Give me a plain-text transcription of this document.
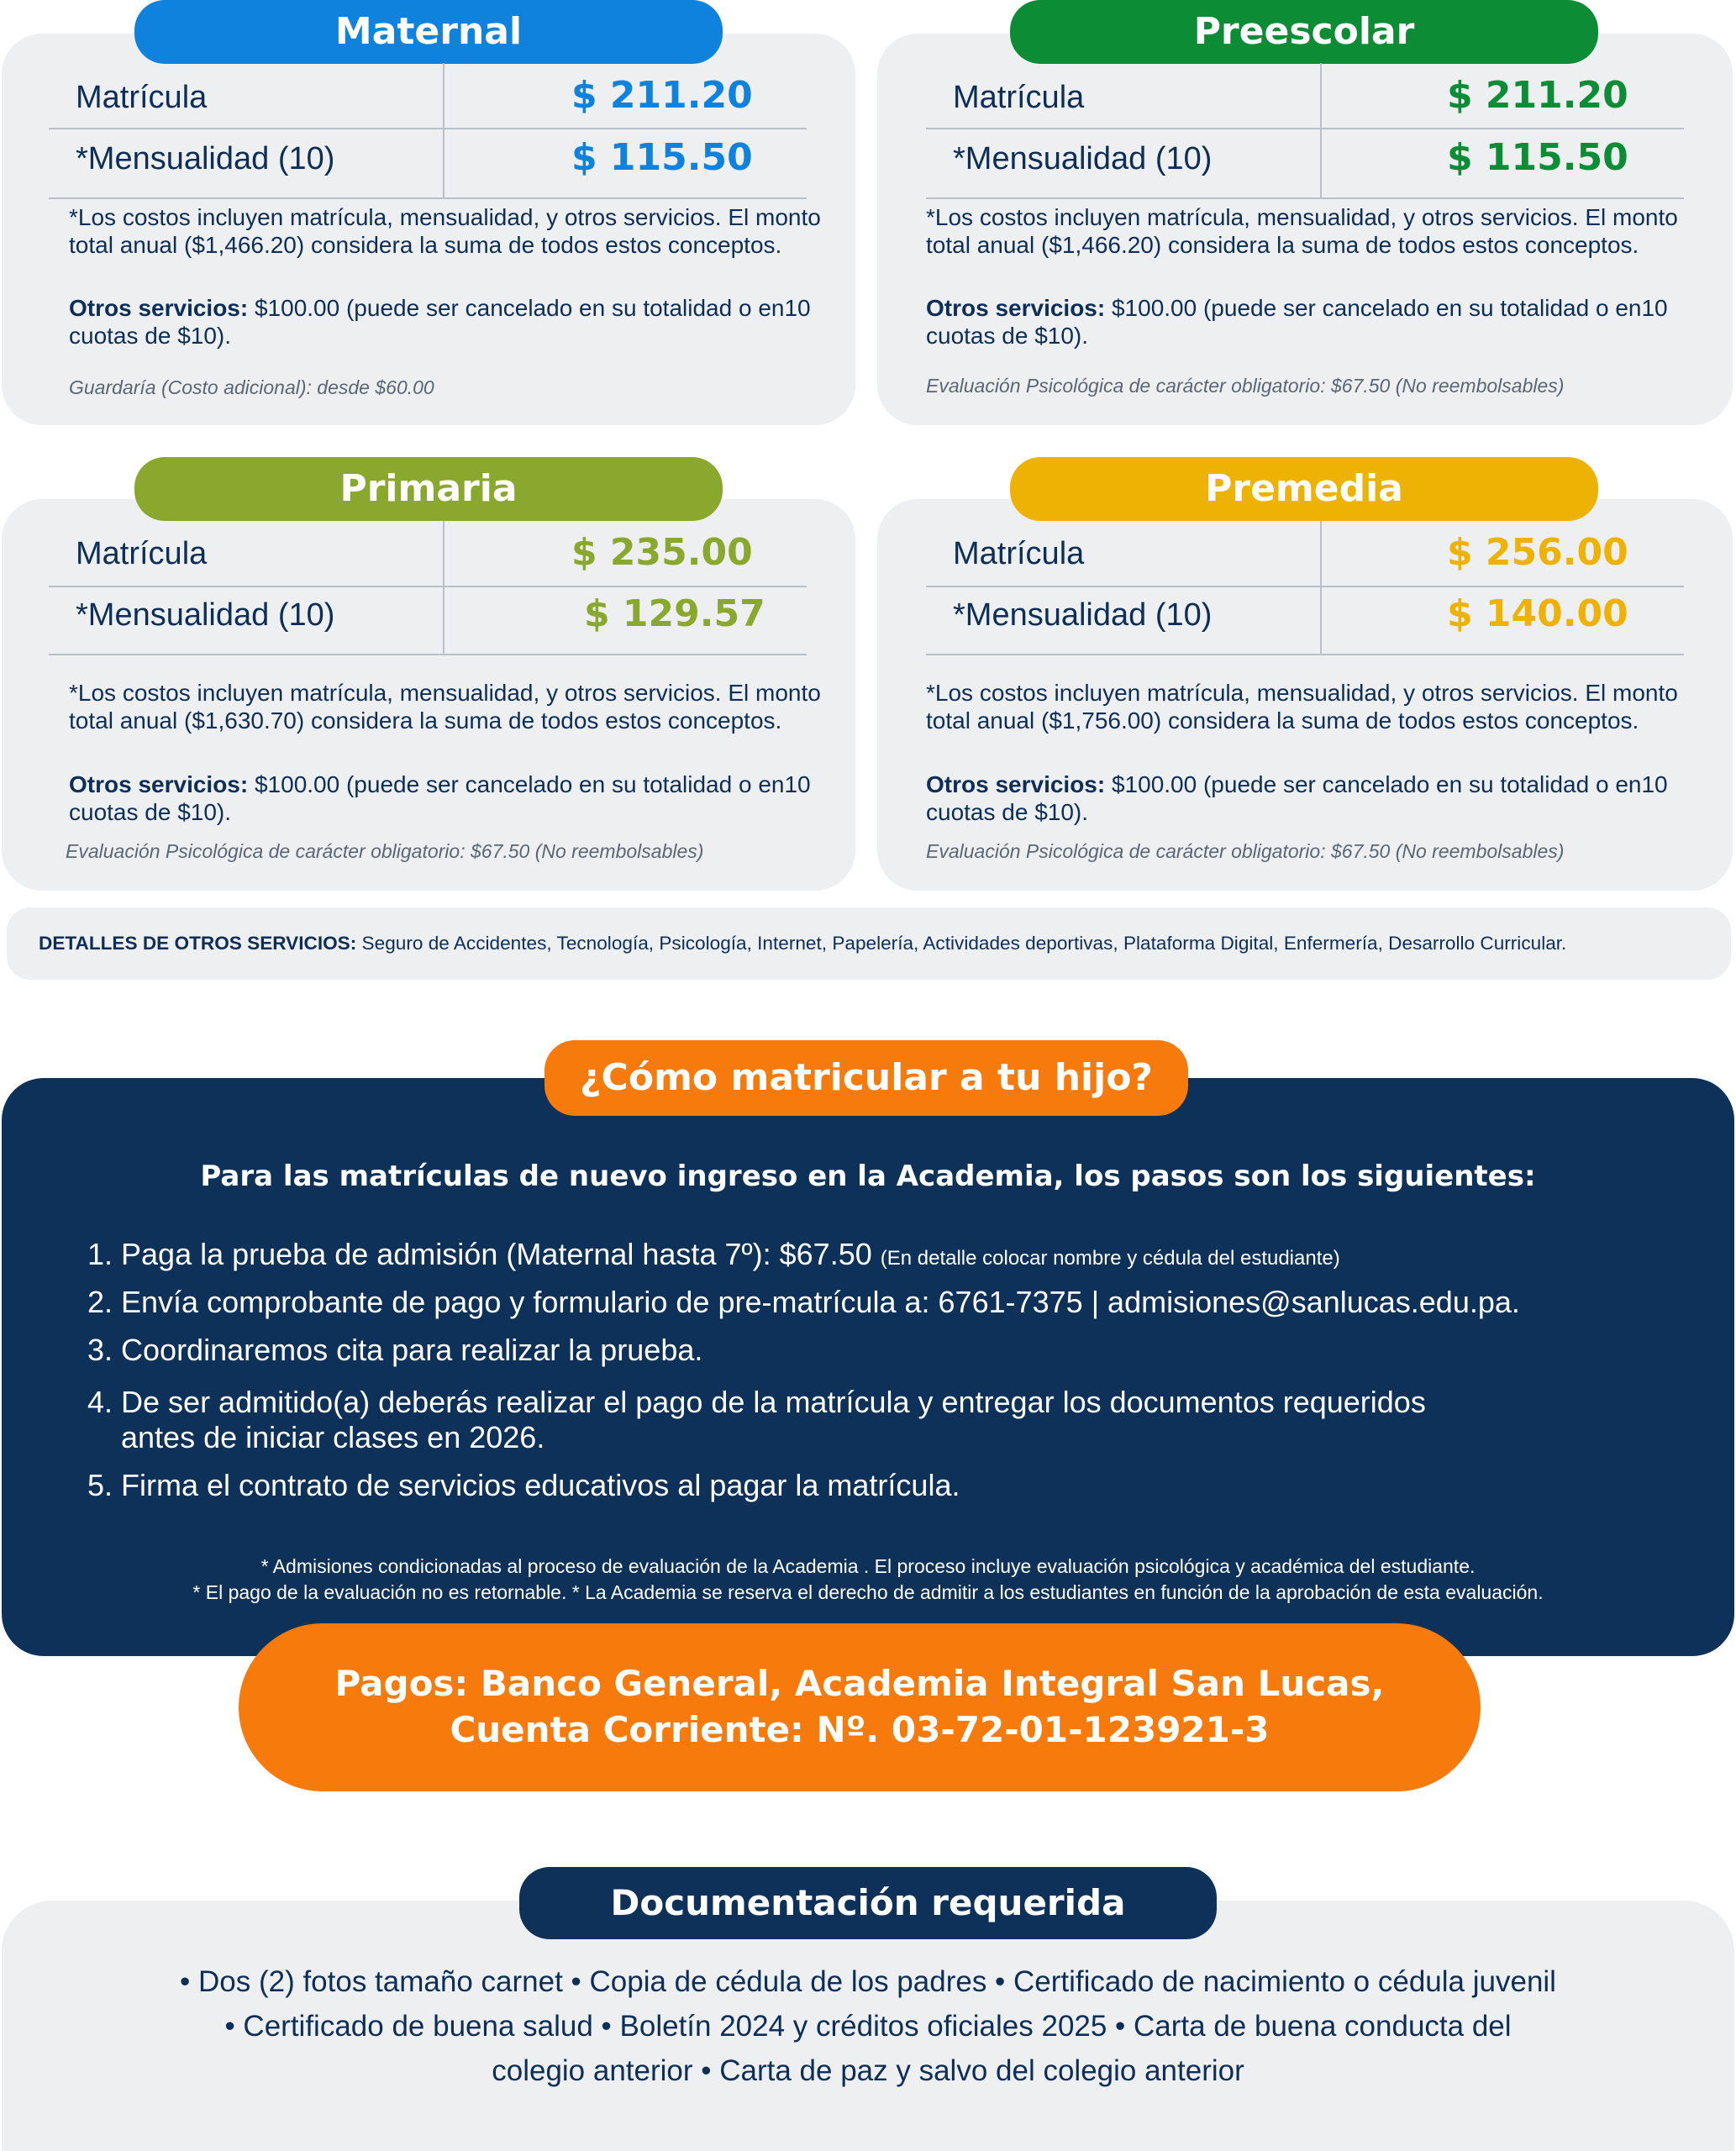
Maternal
Matrícula	$ 211.20
*Mensualidad (10)	$ 115.50
*Los costos incluyen matrícula, mensualidad, y otros servicios. El monto total anual ($1,466.20) considera la suma de todos estos conceptos.
Otros servicios: $100.00 (puede ser cancelado en su totalidad o en10 cuotas de $10).
Guardaría (Costo adicional): desde $60.00
Preescolar
Matrícula	$ 211.20
*Mensualidad (10)	$ 115.50
*Los costos incluyen matrícula, mensualidad, y otros servicios. El monto total anual ($1,466.20) considera la suma de todos estos conceptos.
Otros servicios: $100.00 (puede ser cancelado en su totalidad o en10 cuotas de $10).
Evaluación Psicológica de carácter obligatorio: $67.50 (No reembolsables)
Primaria
Matrícula	$ 235.00
*Mensualidad (10)	$ 129.57
*Los costos incluyen matrícula, mensualidad, y otros servicios. El monto total anual ($1,630.70) considera la suma de todos estos conceptos.
Otros servicios: $100.00 (puede ser cancelado en su totalidad o en10 cuotas de $10).
Evaluación Psicológica de carácter obligatorio: $67.50 (No reembolsables)
Premedia
Matrícula	$ 256.00
*Mensualidad (10)	$ 140.00
*Los costos incluyen matrícula, mensualidad, y otros servicios. El monto total anual ($1,756.00) considera la suma de todos estos conceptos.
Otros servicios: $100.00 (puede ser cancelado en su totalidad o en10 cuotas de $10).
Evaluación Psicológica de carácter obligatorio: $67.50 (No reembolsables)
DETALLES DE OTROS SERVICIOS: Seguro de Accidentes, Tecnología, Psicología, Internet, Papelería, Actividades deportivas, Plataforma Digital, Enfermería, Desarrollo Curricular.
¿Cómo matricular a tu hijo?
Para las matrículas de nuevo ingreso en la Academia, los pasos son los siguientes:
1. Paga la prueba de admisión (Maternal hasta 7º): $67.50 (En detalle colocar nombre y cédula del estudiante)
2. Envía comprobante de pago y formulario de pre-matrícula a: 6761-7375 | admisiones@sanlucas.edu.pa.
3. Coordinaremos cita para realizar la prueba.
4. De ser admitido(a) deberás realizar el pago de la matrícula y entregar los documentos requeridos
antes de iniciar clases en 2026.
5. Firma el contrato de servicios educativos al pagar la matrícula.
* Admisiones condicionadas al proceso de evaluación de la Academia . El proceso incluye evaluación psicológica y académica del estudiante.
* El pago de la evaluación no es retornable. * La Academia se reserva el derecho de admitir a los estudiantes en función de la aprobación de esta evaluación.
Pagos: Banco General, Academia Integral San Lucas,
Cuenta Corriente: Nº. 03-72-01-123921-3
Documentación requerida
• Dos (2) fotos tamaño carnet • Copia de cédula de los padres • Certificado de nacimiento o cédula juvenil
• Certificado de buena salud • Boletín 2024 y créditos oficiales 2025 • Carta de buena conducta del
colegio anterior • Carta de paz y salvo del colegio anterior
